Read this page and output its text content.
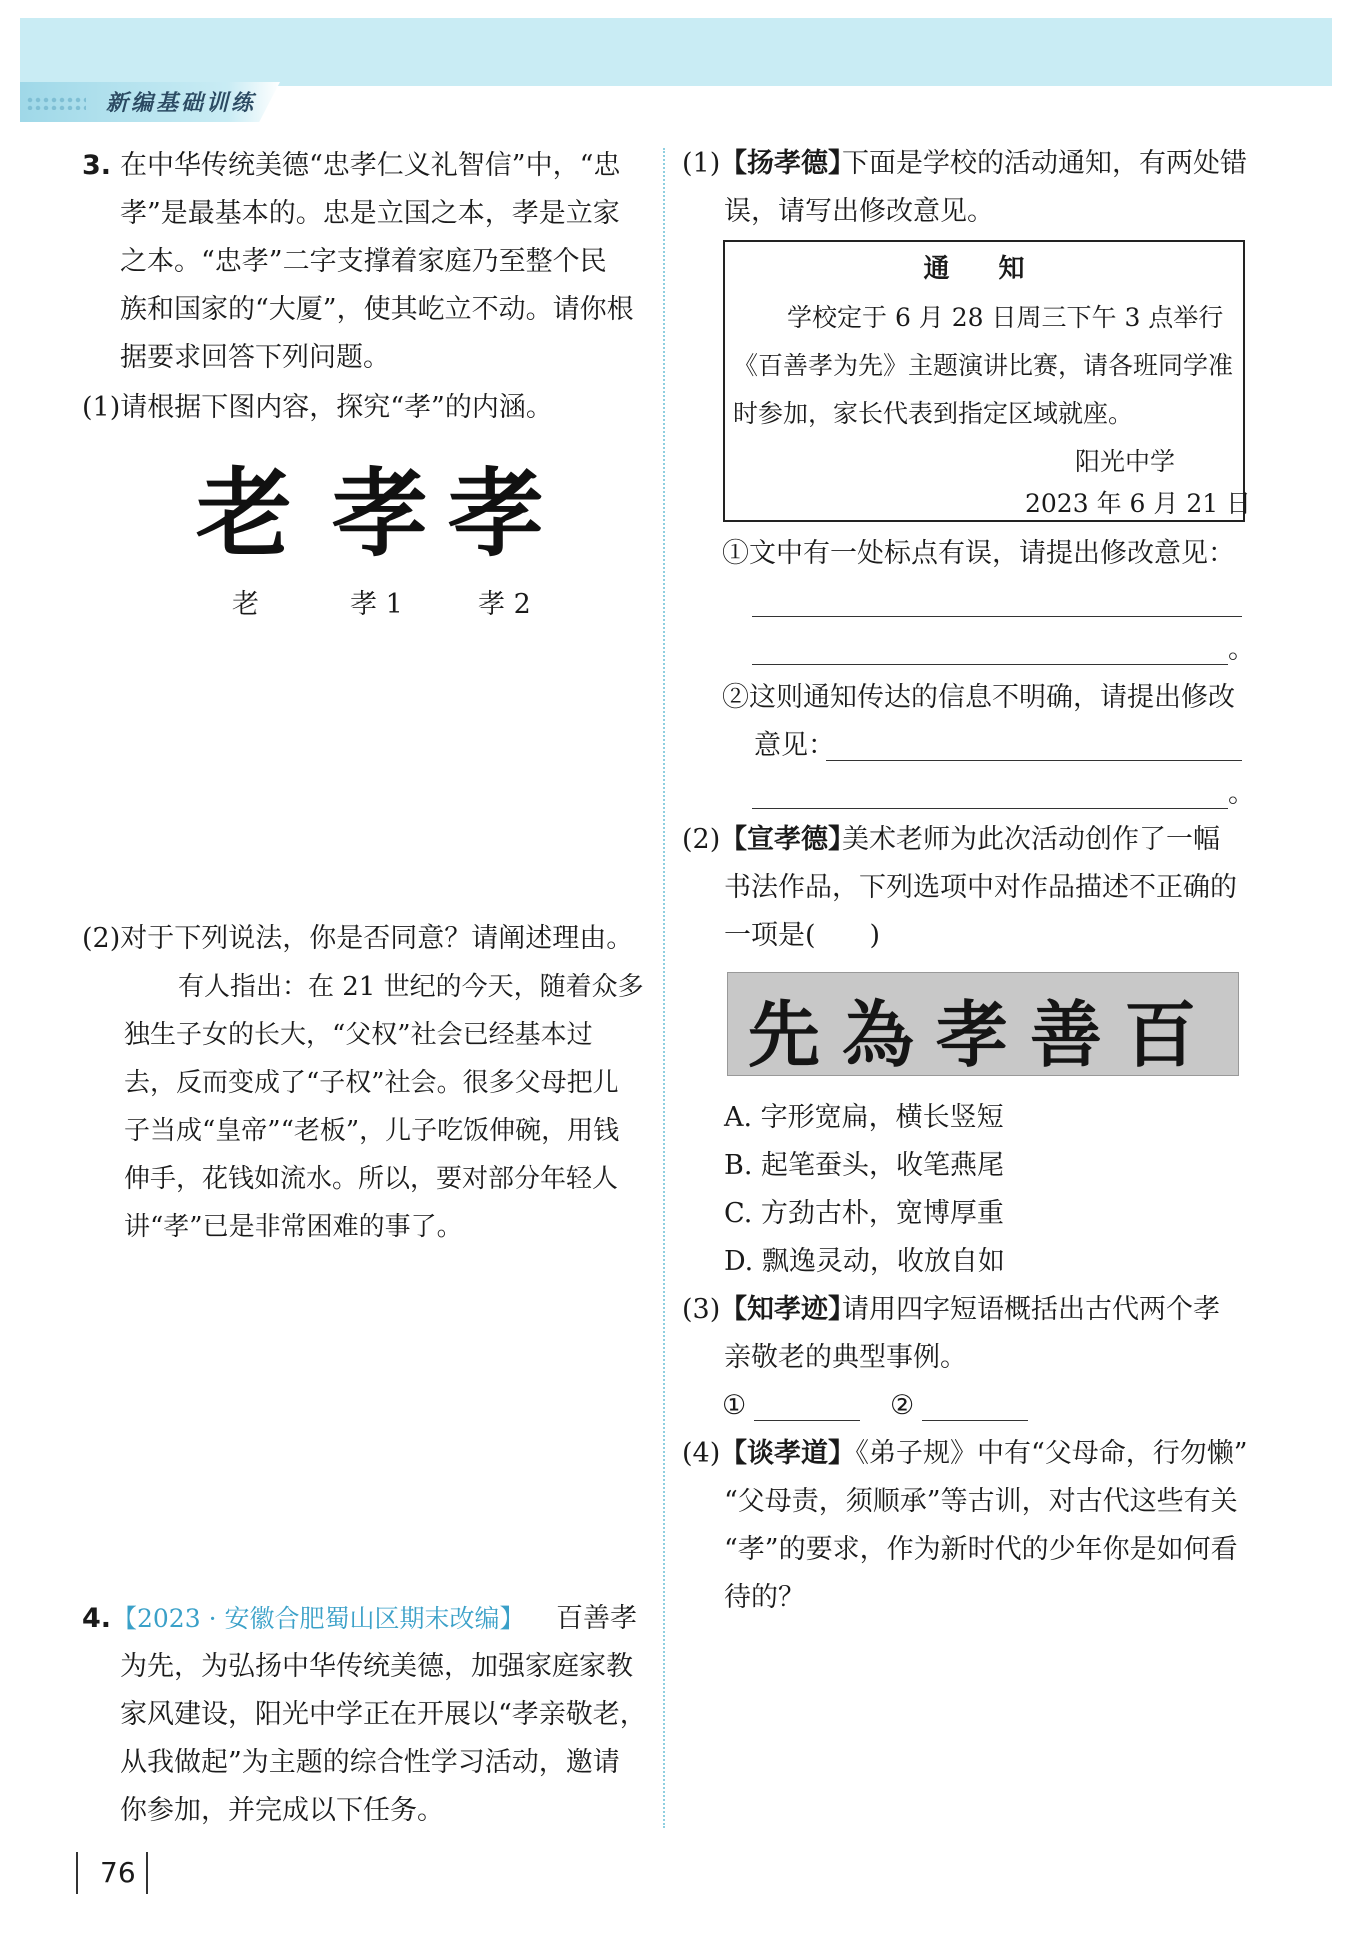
新编基础训练
3. 在中华传统美德“忠孝仁义礼智信”中，“忠
孝”是最基本的。忠是立国之本，孝是立家
之本。“忠孝”二字支撑着家庭乃至整个民
族和国家的“大厦”，使其屹立不动。请你根
据要求回答下列问题。
(1)请根据下图内容，探究“孝”的内涵。
老 孝 孝
老	孝 1	孝 2
(2)对于下列说法，你是否同意？请阐述理由。
有人指出：在 21 世纪的今天，随着众多
独生子女的长大，“父权”社会已经基本过
去，反而变成了“子权”社会。很多父母把儿
子当成“皇帝”“老板”，儿子吃饭伸碗，用钱
伸手，花钱如流水。所以，要对部分年轻人
讲“孝”已是非常困难的事了。
4. 【2023 · 安徽合肥蜀山区期末改编】 百善孝
为先，为弘扬中华传统美德，加强家庭家教
家风建设，阳光中学正在开展以“孝亲敬老，
从我做起”为主题的综合性学习活动，邀请
你参加，并完成以下任务。
(1) 【扬孝德】
下面是学校的活动通知，有两处错
误，请写出修改意见。
通 知
学校定于 6 月 28 日周三下午 3 点举行
《百善孝为先》主题演讲比赛，请各班同学准
时参加，家长代表到指定区域就座。
阳光中学
2023 年 6 月 21 日
①文中有一处标点有误，请提出修改意见：
。
②这则通知传达的信息不明确，请提出修改
意见：
。
(2) 【宣孝德】
美术老师为此次活动创作了一幅
书法作品，下列选项中对作品描述不正确的
一项是(　　)
先為孝善百
A. 字形宽扁，横长竖短
B. 起笔蚕头，收笔燕尾
C. 方劲古朴，宽博厚重
D. 飘逸灵动，收放自如
(3) 【知孝迹】
请用四字短语概括出古代两个孝
亲敬老的典型事例。
①	②
(4) 【谈孝道】
《弟子规》中有“父母命，行勿懒”
“父母责，须顺承”等古训，对古代这些有关
“孝”的要求，作为新时代的少年你是如何看
待的？
76
